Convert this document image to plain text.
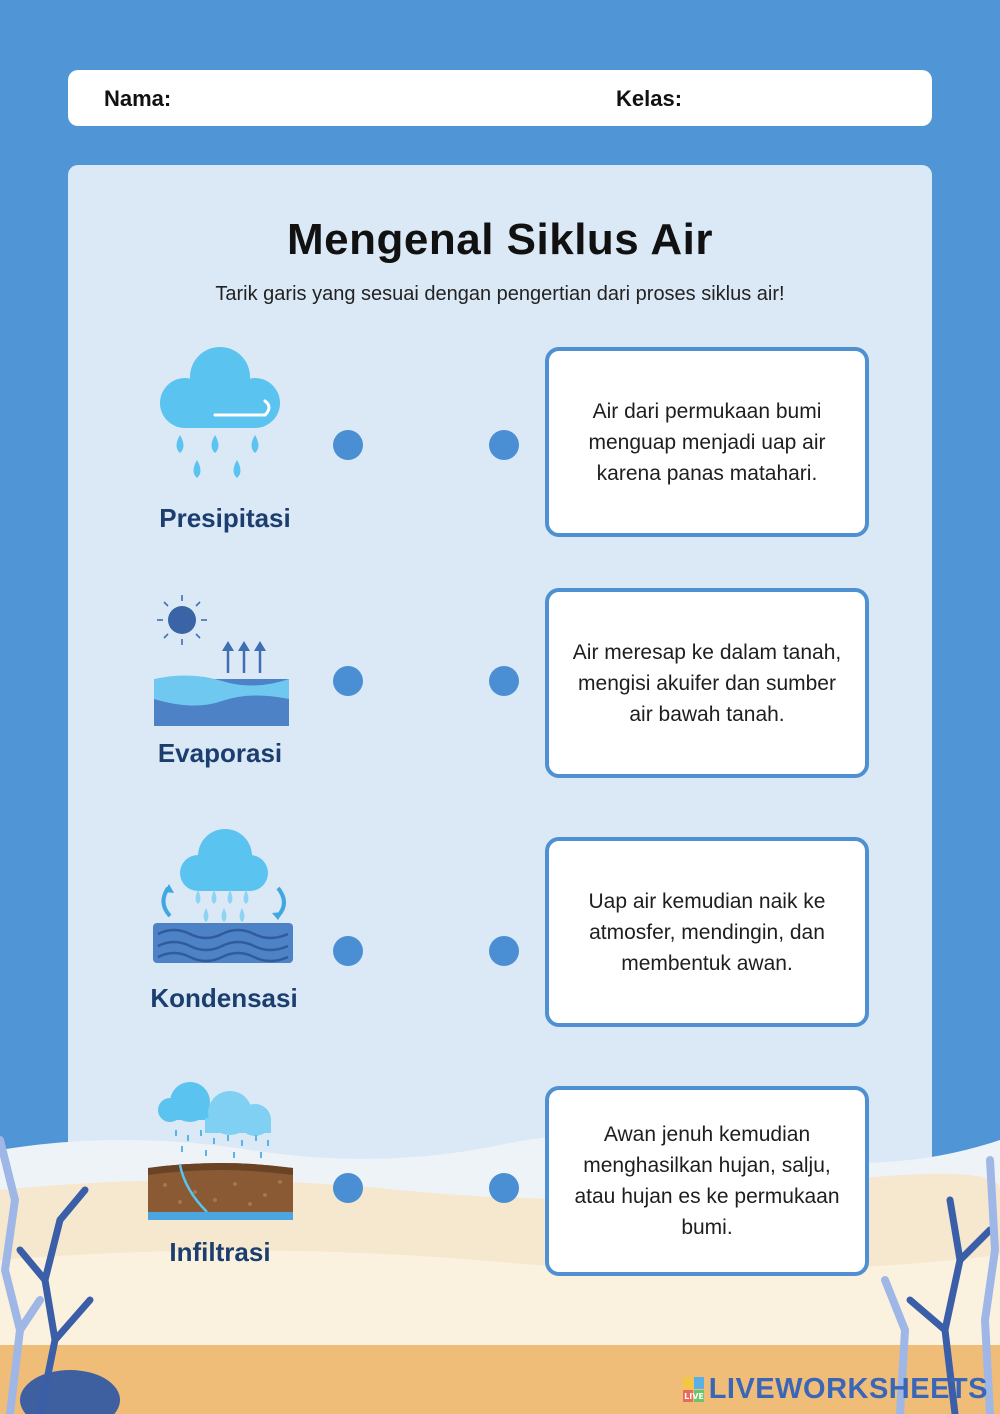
Nama:	Kelas:
Mengenal Siklus Air
Tarik garis yang sesuai dengan pengertian dari proses siklus air!
Presipitasi
Air dari permukaan bumi menguap menjadi uap air karena panas matahari.
Evaporasi
Air meresap ke dalam tanah, mengisi akuifer dan sumber air bawah tanah.
Kondensasi
Uap air kemudian naik ke atmosfer, mendingin, dan membentuk awan.
Infiltrasi
Awan jenuh kemudian menghasilkan hujan, salju, atau hujan es ke permukaan bumi.
LIVE LIVEWORKSHEETS
